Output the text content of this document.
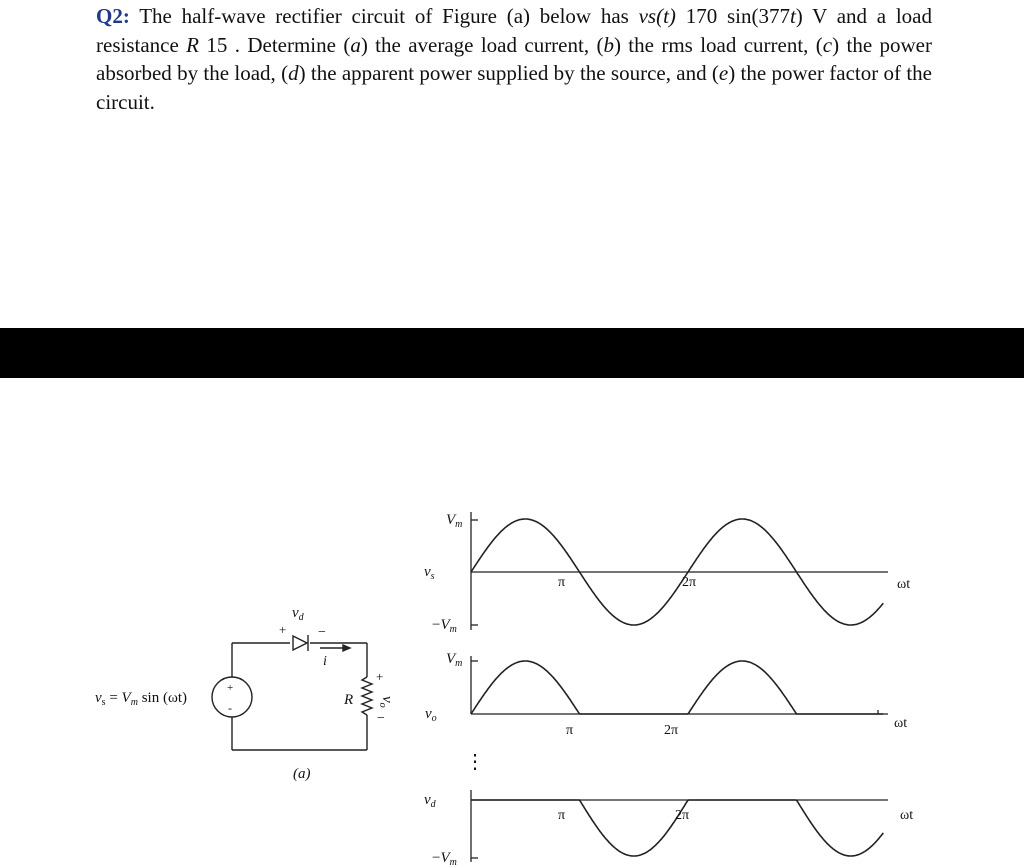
Q2: The half-wave rectifier circuit of Figure (a) below has vs(t) 170 sin(377t) V and a load resistance R 15 . Determine (a) the average load current, (b) the rms load current, (c) the power absorbed by the load, (d) the apparent power supplied by the source, and (e) the power factor of the circuit.
$v_s = V_m$ sin (ωt)
+
-
+ −
$v_d$
i
R $v_o$
+
−
(a)
$v_s$
$V_m$
$-V_m$
π	2π	ωt
$V_m$
$v_o$
π	2π	ωt
⋮
$v_d$
π	2π	ωt
$-V_m$
